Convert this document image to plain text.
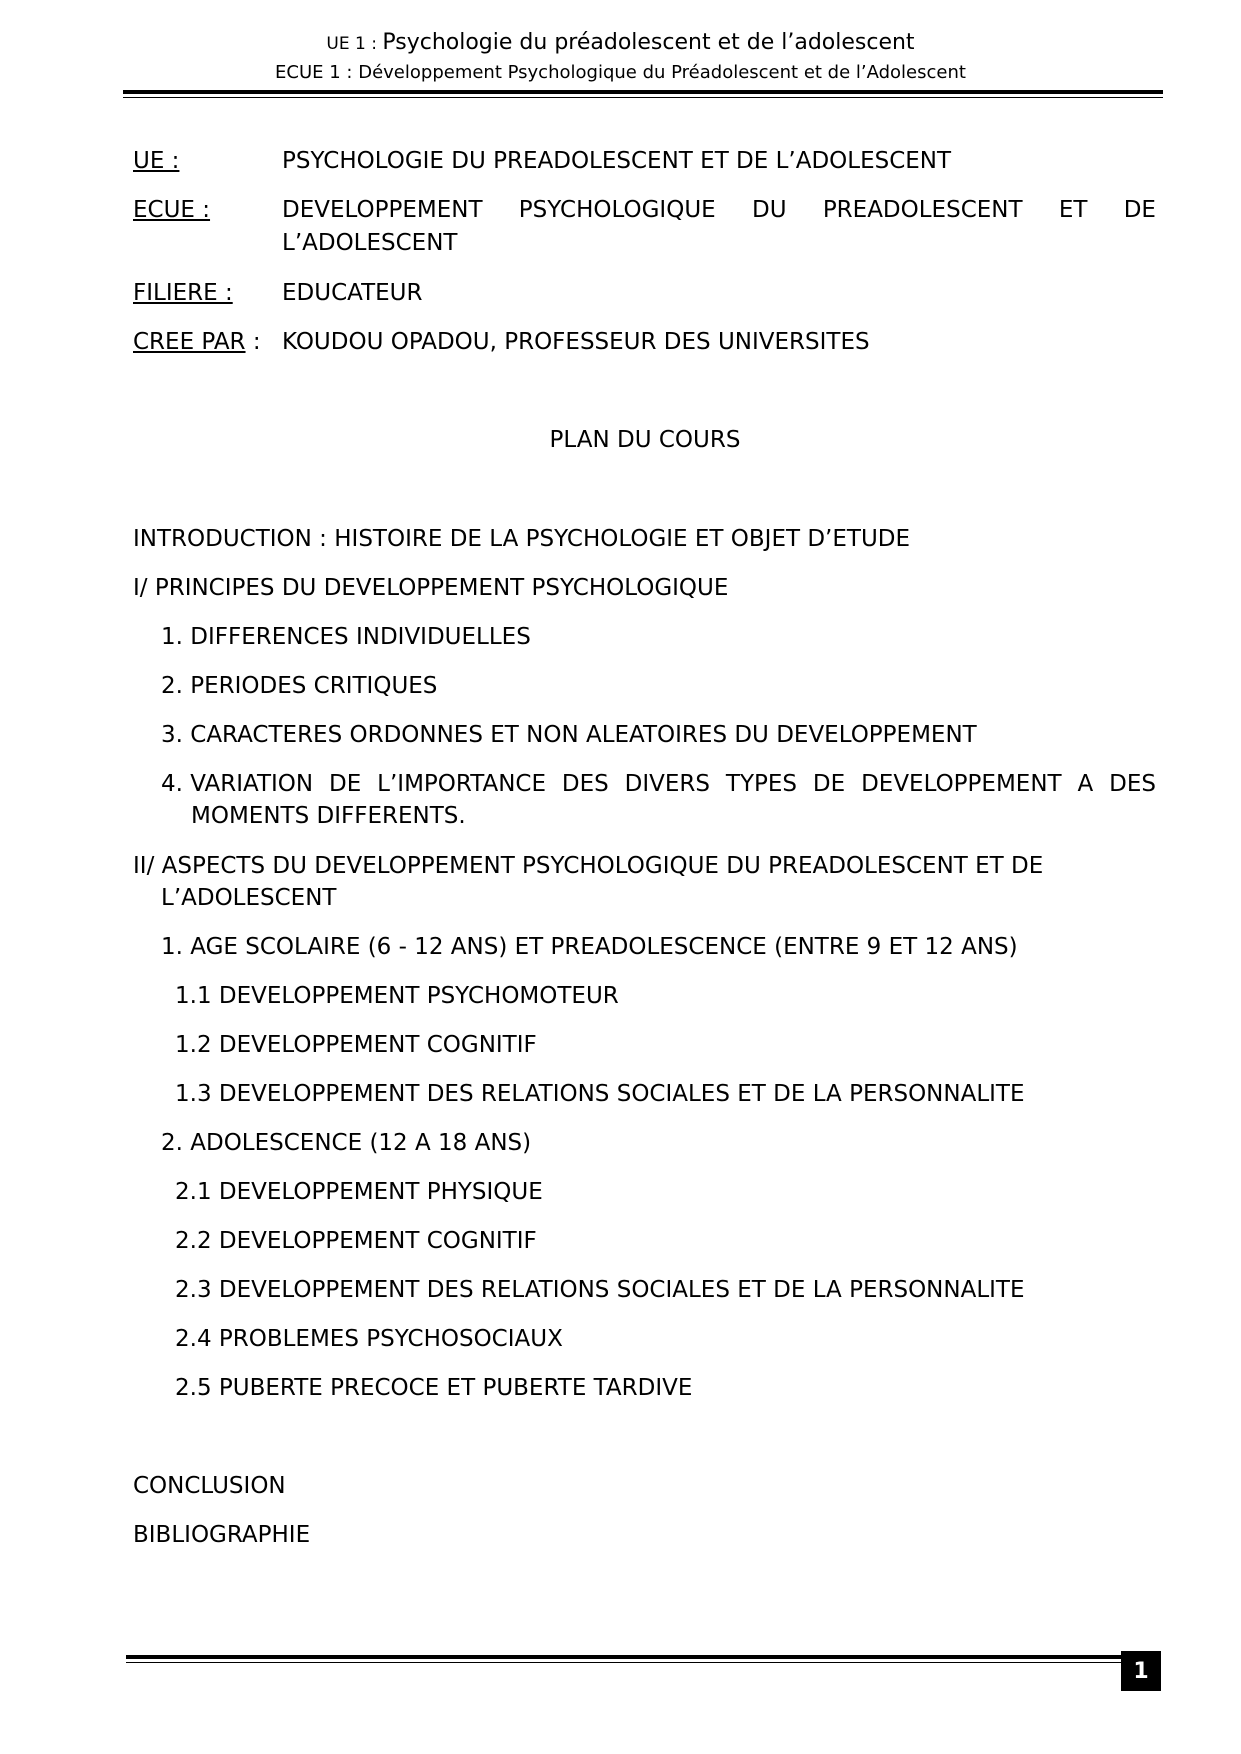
UE 1 : Psychologie du préadolescent et de l’adolescent
ECUE 1 : Développement Psychologique du Préadolescent et de l’Adolescent
UE :	PSYCHOLOGIE DU PREADOLESCENT ET DE L’ADOLESCENT
ECUE :	DEVELOPPEMENT PSYCHOLOGIQUE DU PREADOLESCENT ET DE
L’ADOLESCENT
FILIERE : EDUCATEUR
CREE PAR : KOUDOU OPADOU, PROFESSEUR DES UNIVERSITES
PLAN DU COURS
INTRODUCTION : HISTOIRE DE LA PSYCHOLOGIE ET OBJET D’ETUDE
I/ PRINCIPES DU DEVELOPPEMENT PSYCHOLOGIQUE
1. DIFFERENCES INDIVIDUELLES
2. PERIODES CRITIQUES
3. CARACTERES ORDONNES ET NON ALEATOIRES DU DEVELOPPEMENT
4. VARIATION DE L’IMPORTANCE DES DIVERS TYPES DE DEVELOPPEMENT A DES
MOMENTS DIFFERENTS.
II/ ASPECTS DU DEVELOPPEMENT PSYCHOLOGIQUE DU PREADOLESCENT ET DE
L’ADOLESCENT
1. AGE SCOLAIRE (6 - 12 ANS) ET PREADOLESCENCE (ENTRE 9 ET 12 ANS)
1.1 DEVELOPPEMENT PSYCHOMOTEUR
1.2 DEVELOPPEMENT COGNITIF
1.3 DEVELOPPEMENT DES RELATIONS SOCIALES ET DE LA PERSONNALITE
2. ADOLESCENCE (12 A 18 ANS)
2.1 DEVELOPPEMENT PHYSIQUE
2.2 DEVELOPPEMENT COGNITIF
2.3 DEVELOPPEMENT DES RELATIONS SOCIALES ET DE LA PERSONNALITE
2.4 PROBLEMES PSYCHOSOCIAUX
2.5 PUBERTE PRECOCE ET PUBERTE TARDIVE
CONCLUSION
BIBLIOGRAPHIE
1
